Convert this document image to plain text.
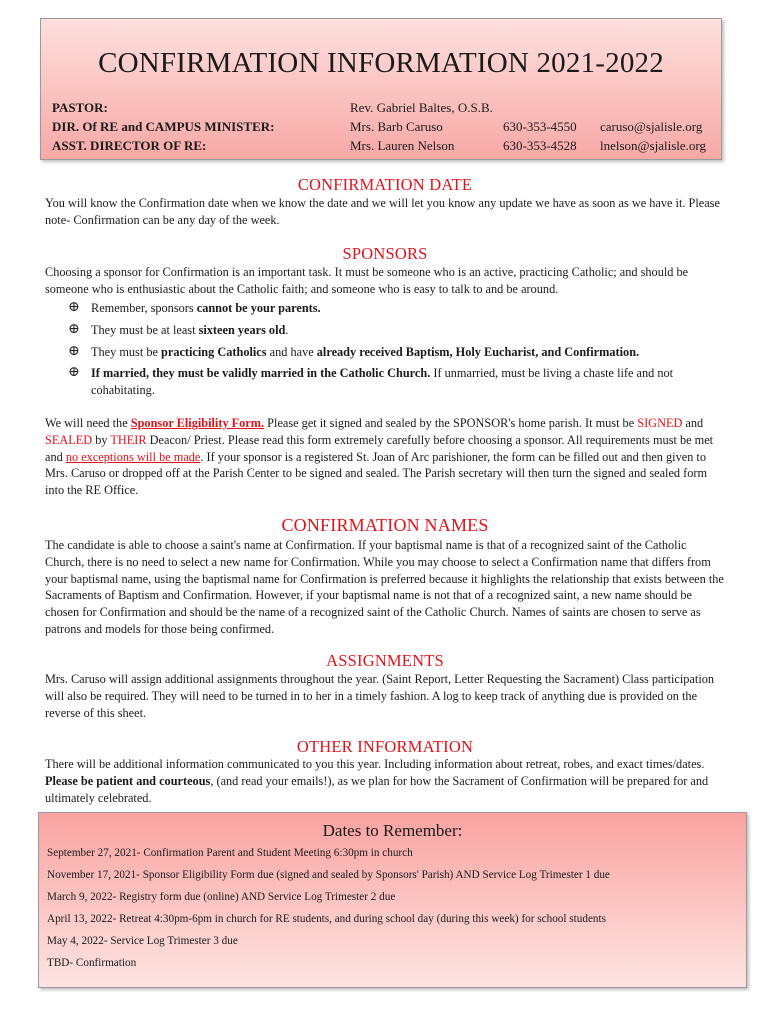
CONFIRMATION INFORMATION 2021-2022
PASTOR:	Rev. Gabriel Baltes, O.S.B.
DIR. Of RE and CAMPUS MINISTER:	Mrs. Barb Caruso	630-353-4550 caruso@sjalisle.org
ASST. DIRECTOR OF RE:	Mrs. Lauren Nelson	630-353-4528 lnelson@sjalisle.org
CONFIRMATION DATE

You will know the Confirmation date when we know the date and we will let you know any update we have as soon as we have it. Please note- Confirmation can be any day of the week.

SPONSORS

Choosing a sponsor for Confirmation is an important task. It must be someone who is an active, practicing Catholic; and should be someone who is enthusiastic about the Catholic faith; and someone who is easy to talk to and be around.

⊕ Remember, sponsors cannot be your parents.
⊕ They must be at least sixteen years old.
⊕ They must be practicing Catholics and have already received Baptism, Holy Eucharist, and Confirmation.
⊕ If married, they must be validly married in the Catholic Church. If unmarried, must be living a chaste life and not cohabitating.

We will need the Sponsor Eligibility Form. Please get it signed and sealed by the SPONSOR's home parish. It must be SIGNED and SEALED by THEIR Deacon/ Priest. Please read this form extremely carefully before choosing a sponsor. All requirements must be met and no exceptions will be made. If your sponsor is a registered St. Joan of Arc parishioner, the form can be filled out and then given to Mrs. Caruso or dropped off at the Parish Center to be signed and sealed. The Parish secretary will then turn the signed and sealed form into the RE Office.

CONFIRMATION NAMES

The candidate is able to choose a saint's name at Confirmation. If your baptismal name is that of a recognized saint of the Catholic Church, there is no need to select a new name for Confirmation. While you may choose to select a Confirmation name that differs from your baptismal name, using the baptismal name for Confirmation is preferred because it highlights the relationship that exists between the Sacraments of Baptism and Confirmation. However, if your baptismal name is not that of a recognized saint, a new name should be chosen for Confirmation and should be the name of a recognized saint of the Catholic Church. Names of saints are chosen to serve as patrons and models for those being confirmed.

ASSIGNMENTS

Mrs. Caruso will assign additional assignments throughout the year. (Saint Report, Letter Requesting the Sacrament) Class participation will also be required. They will need to be turned in to her in a timely fashion. A log to keep track of anything due is provided on the reverse of this sheet.

OTHER INFORMATION

There will be additional information communicated to you this year. Including information about retreat, robes, and exact times/dates. Please be patient and courteous, (and read your emails!), as we plan for how the Sacrament of Confirmation will be prepared for and ultimately celebrated.

Dates to Remember:
September 27, 2021- Confirmation Parent and Student Meeting 6:30pm in church
November 17, 2021- Sponsor Eligibility Form due (signed and sealed by Sponsors' Parish) AND Service Log Trimester 1 due
March 9, 2022- Registry form due (online) AND Service Log Trimester 2 due
April 13, 2022- Retreat 4:30pm-6pm in church for RE students, and during school day (during this week) for school students
May 4, 2022- Service Log Trimester 3 due
TBD- Confirmation
